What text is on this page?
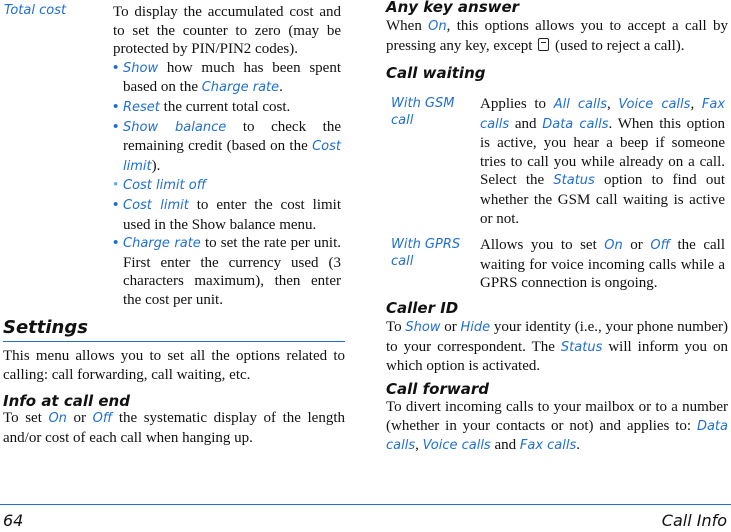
Total cost	To display the accumulated cost and to set the counter to zero (may be protected by PIN/PIN2 codes).
• Show how much has been spent based on the Charge rate.
• Reset the current total cost.
• Show balance to check the remaining credit (based on the Cost limit).
• Cost limit off
• Cost limit to enter the cost limit used in the Show balance menu.
• Charge rate to set the rate per unit. First enter the currency used (3 characters maximum), then enter the cost per unit.
Settings
This menu allows you to set all the options related to calling: call forwarding, call waiting, etc.
Info at call end
To set On or Off the systematic display of the length and/or cost of each call when hanging up.
Any key answer
When On, this options allows you to accept a call by pressing any key, except  (used to reject a call).
Call waiting
With GSM call
Applies to All calls, Voice calls, Fax calls and Data calls. When this option is active, you hear a beep if someone tries to call you while already on a call. Select the Status option to find out whether the GSM call waiting is active or not.
With GPRS call
Allows you to set On or Off the call waiting for voice incoming calls while a GPRS connection is ongoing.
Caller ID
To Show or Hide your identity (i.e., your phone number) to your correspondent. The Status will inform you on which option is activated.
Call forward
To divert incoming calls to your mailbox or to a number (whether in your contacts or not) and applies to: Data calls, Voice calls and Fax calls.
64	Call Info
